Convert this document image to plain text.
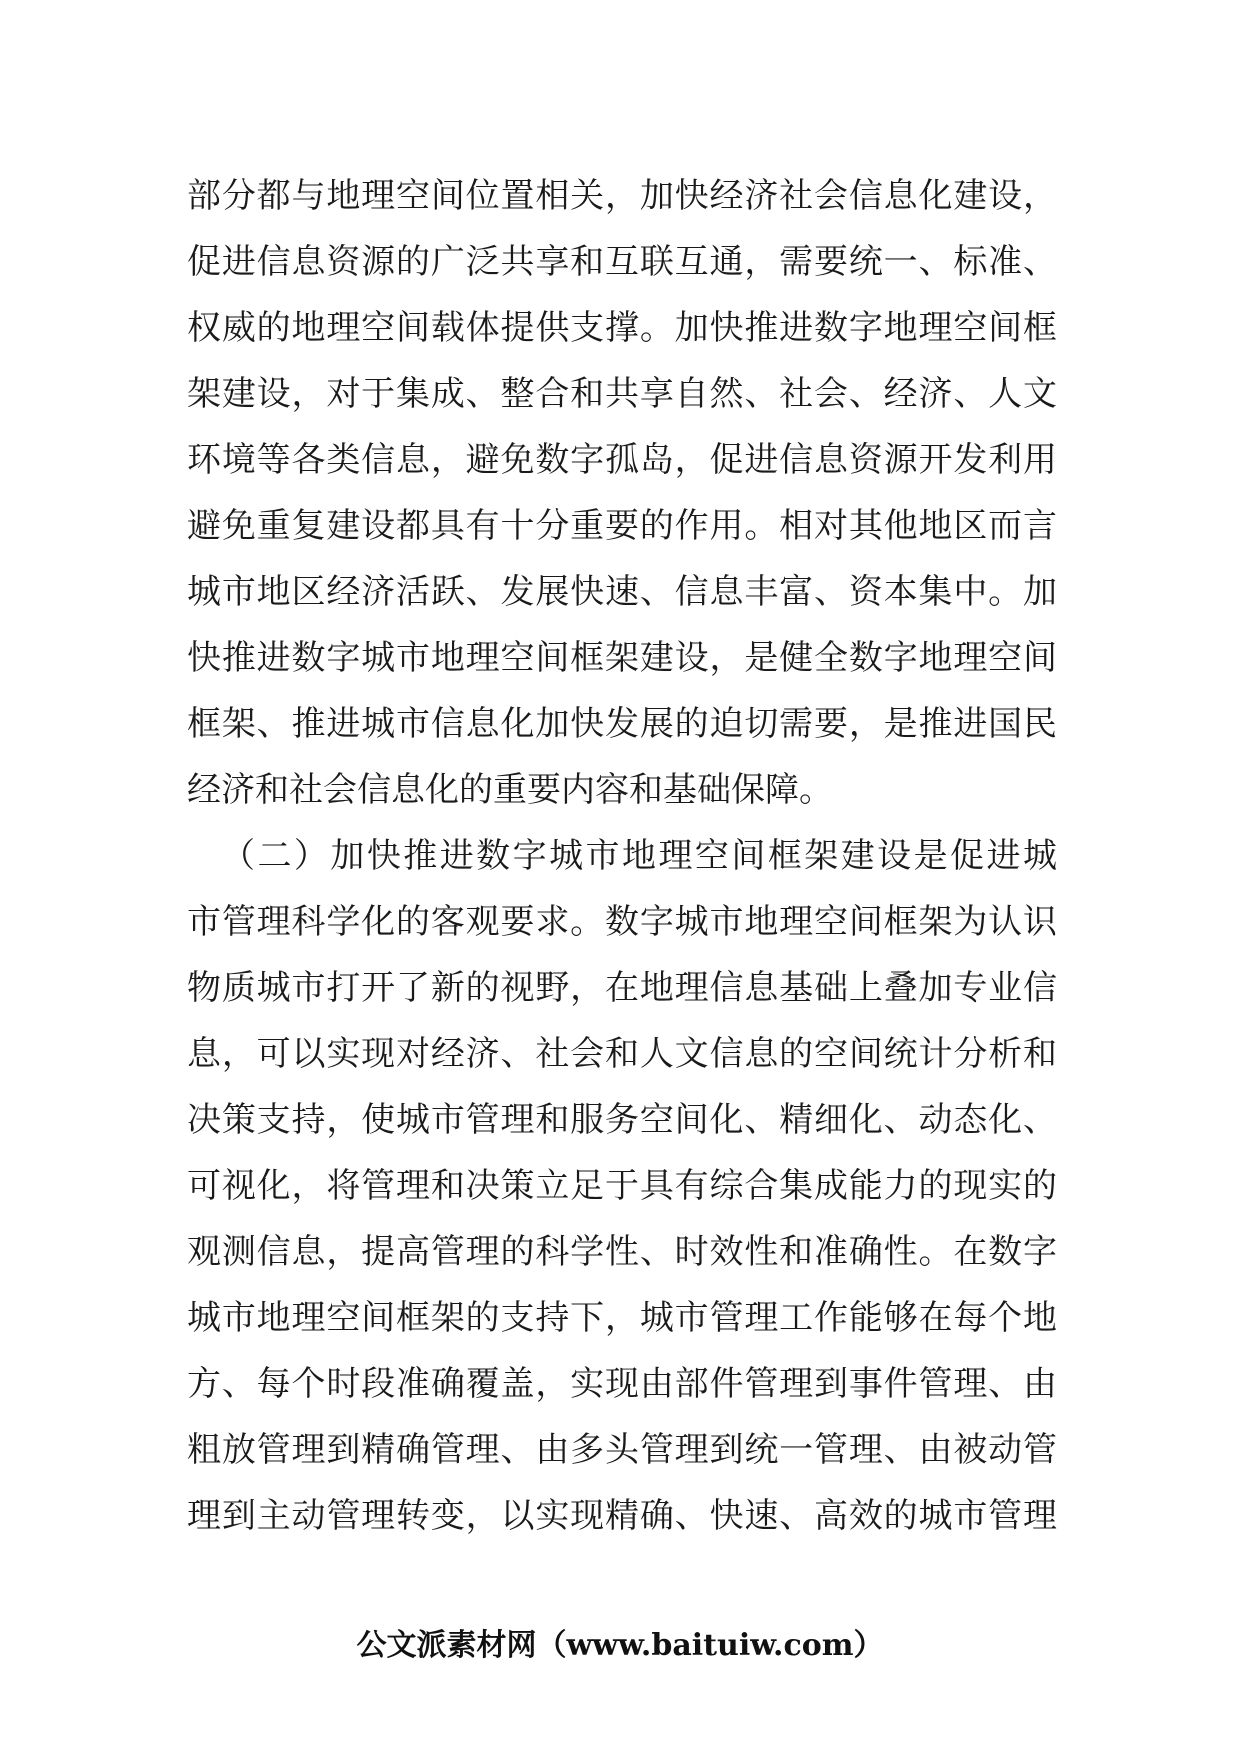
部分都与地理空间位置相关，加快经济社会信息化建设，
促进信息资源的广泛共享和互联互通，需要统一、标准、
权威的地理空间载体提供支撑。加快推进数字地理空间框
架建设，对于集成、整合和共享自然、社会、经济、人文
环境等各类信息，避免数字孤岛，促进信息资源开发利用
避免重复建设都具有十分重要的作用。相对其他地区而言
城市地区经济活跃、发展快速、信息丰富、资本集中。加
快推进数字城市地理空间框架建设，是健全数字地理空间
框架、推进城市信息化加快发展的迫切需要，是推进国民
经济和社会信息化的重要内容和基础保障。
（二）加快推进数字城市地理空间框架建设是促进城
市管理科学化的客观要求。数字城市地理空间框架为认识
物质城市打开了新的视野，在地理信息基础上叠加专业信
息，可以实现对经济、社会和人文信息的空间统计分析和
决策支持，使城市管理和服务空间化、精细化、动态化、
可视化，将管理和决策立足于具有综合集成能力的现实的
观测信息，提高管理的科学性、时效性和准确性。在数字
城市地理空间框架的支持下，城市管理工作能够在每个地
方、每个时段准确覆盖，实现由部件管理到事件管理、由
粗放管理到精确管理、由多头管理到统一管理、由被动管
理到主动管理转变，以实现精确、快速、高效的城市管理
公文派素材网（www.baituiw.com）
